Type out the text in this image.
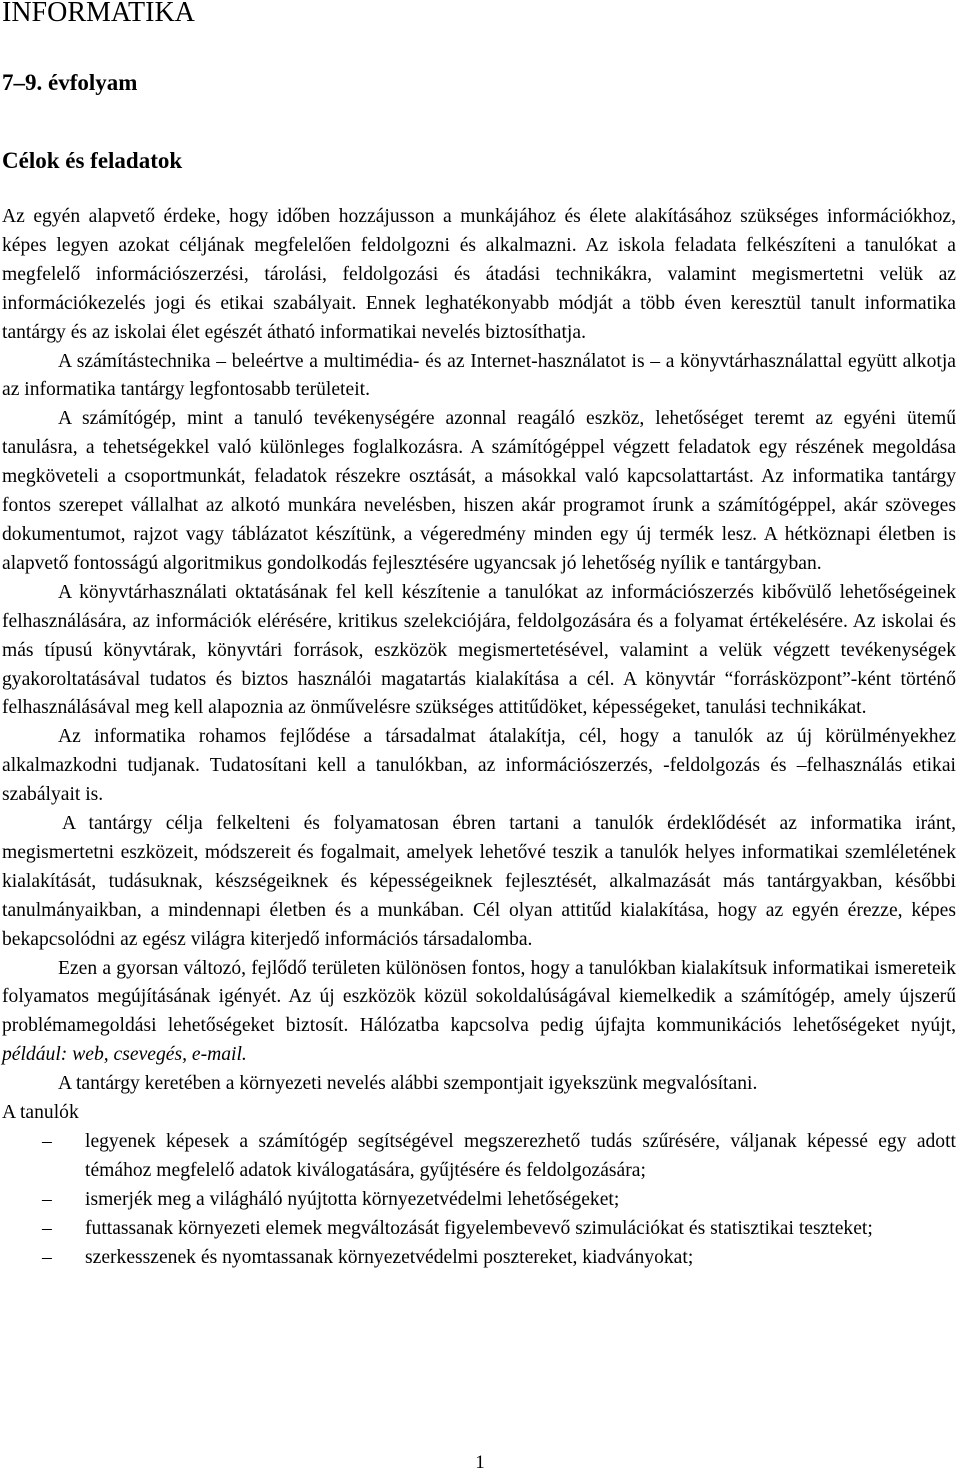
INFORMATIKA
7–9. évfolyam
Célok és feladatok

Az egyén alapvető érdeke, hogy időben hozzájusson a munkájához és élete alakításához szükséges információkhoz, képes legyen azokat céljának megfelelően feldolgozni és alkalmazni. Az iskola feladata felkészíteni a tanulókat a megfelelő információszerzési, tárolási, feldolgozási és átadási technikákra, valamint megismertetni velük az információkezelés jogi és etikai szabályait. Ennek leghatékonyabb módját a több éven keresztül tanult informatika tantárgy és az iskolai élet egészét átható informatikai nevelés biztosíthatja.

A számítástechnika – beleértve a multimédia- és az Internet-használatot is – a könyvtárhasználattal együtt alkotja az informatika tantárgy legfontosabb területeit.

A számítógép, mint a tanuló tevékenységére azonnal reagáló eszköz, lehetőséget teremt az egyéni ütemű tanulásra, a tehetségekkel való különleges foglalkozásra. A számítógéppel végzett feladatok egy részének megoldása megköveteli a csoportmunkát, feladatok részekre osztását, a másokkal való kapcsolattartást. Az informatika tantárgy fontos szerepet vállalhat az alkotó munkára nevelésben, hiszen akár programot írunk a számítógéppel, akár szöveges dokumentumot, rajzot vagy táblázatot készítünk, a végeredmény minden egy új termék lesz. A hétköznapi életben is alapvető fontosságú algoritmikus gondolkodás fejlesztésére ugyancsak jó lehetőség nyílik e tantárgyban.

A könyvtárhasználati oktatásának fel kell készítenie a tanulókat az információszerzés kibővülő lehetőségeinek felhasználására, az információk elérésére, kritikus szelekciójára, feldolgozására és a folyamat értékelésére. Az iskolai és más típusú könyvtárak, könyvtári források, eszközök megismertetésével, valamint a velük végzett tevékenységek gyakoroltatásával tudatos és biztos használói magatartás kialakítása a cél. A könyvtár “forrásközpont”-ként történő felhasználásával meg kell alapoznia az önművelésre szükséges attitűdöket, képességeket, tanulási technikákat.

Az informatika rohamos fejlődése a társadalmat átalakítja, cél, hogy a tanulók az új körülményekhez alkalmazkodni tudjanak. Tudatosítani kell a tanulókban, az információszerzés, -feldolgozás és –felhasználás etikai szabályait is.

A tantárgy célja felkelteni és folyamatosan ébren tartani a tanulók érdeklődését az informatika iránt, megismertetni eszközeit, módszereit és fogalmait, amelyek lehetővé teszik a tanulók helyes informatikai szemléletének kialakítását, tudásuknak, készségeiknek és képességeiknek fejlesztését, alkalmazását más tantárgyakban, későbbi tanulmányaikban, a mindennapi életben és a munkában. Cél olyan attitűd kialakítása, hogy az egyén érezze, képes bekapcsolódni az egész világra kiterjedő információs társadalomba.

Ezen a gyorsan változó, fejlődő területen különösen fontos, hogy a tanulókban kialakítsuk informatikai ismereteik folyamatos megújításának igényét. Az új eszközök közül sokoldalúságával kiemelkedik a számítógép, amely újszerű problémamegoldási lehetőségeket biztosít. Hálózatba kapcsolva pedig újfajta kommunikációs lehetőségeket nyújt, például: web, csevegés, e-mail.

A tantárgy keretében a környezeti nevelés alábbi szempontjait igyekszünk megvalósítani.

A tanulók

– legyenek képesek a számítógép segítségével megszerezhető tudás szűrésére, váljanak képessé egy adott témához megfelelő adatok kiválogatására, gyűjtésére és feldolgozására;
– ismerjék meg a világháló nyújtotta környezetvédelmi lehetőségeket;
– futtassanak környezeti elemek megváltozását figyelembevevő szimulációkat és statisztikai teszteket;
– szerkesszenek és nyomtassanak környezetvédelmi posztereket, kiadványokat;
1
